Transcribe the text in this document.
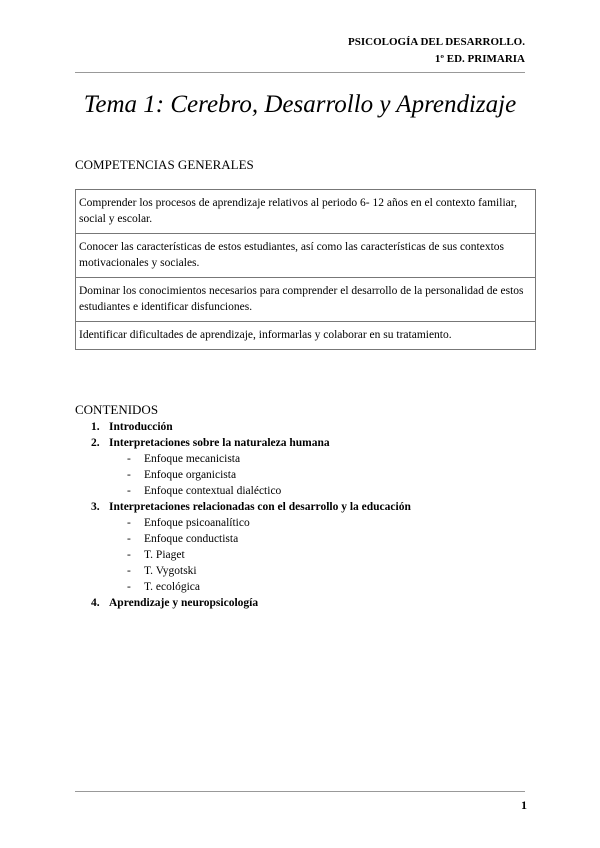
PSICOLOGÍA DEL DESARROLLO.
1º ED. PRIMARIA
Tema 1: Cerebro, Desarrollo y Aprendizaje
COMPETENCIAS GENERALES
Comprender los procesos de aprendizaje relativos al periodo 6- 12 años en el contexto familiar, social y escolar.
Conocer las características de estos estudiantes, así como las características de sus contextos motivacionales y sociales.
Dominar los conocimientos necesarios para comprender el desarrollo de la personalidad de estos estudiantes e identificar disfunciones.
Identificar dificultades de aprendizaje, informarlas y colaborar en su tratamiento.
CONTENIDOS
1. Introducción
2. Interpretaciones sobre la naturaleza humana
- Enfoque mecanicista
- Enfoque organicista
- Enfoque contextual dialéctico
3. Interpretaciones relacionadas con el desarrollo y la educación
- Enfoque psicoanalítico
- Enfoque conductista
- T. Piaget
- T. Vygotski
- T. ecológica
4. Aprendizaje y neuropsicología
1
